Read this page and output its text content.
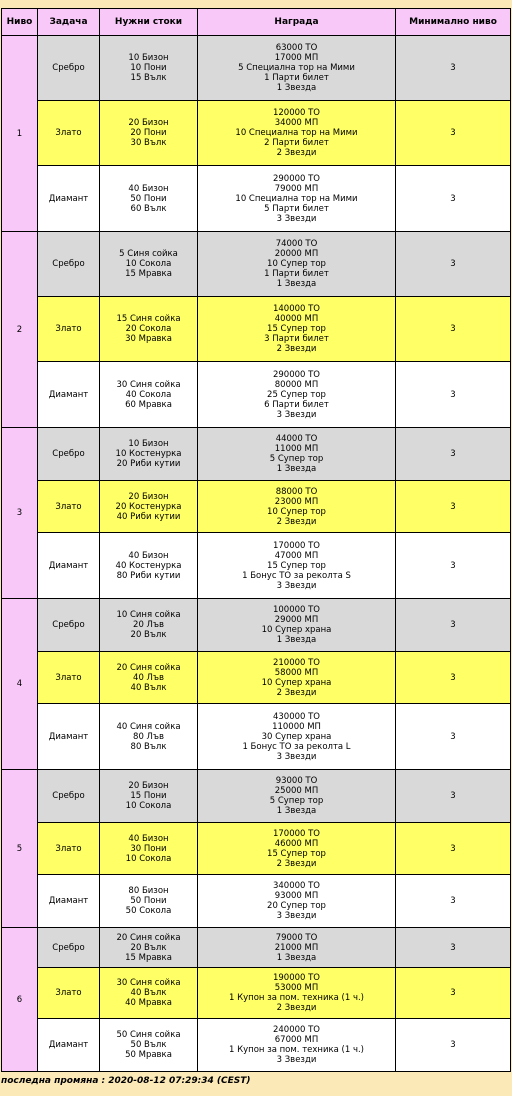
Ниво	Задача	Нужни стоки	Награда	Минимално ниво
1	Сребро	10 Бизон
10 Пони
15 Вълк	63000 ТО
17000 МП
5 Специална тор на Мими
1 Парти билет
1 Звезда	3
	Злато	20 Бизон
20 Пони
30 Вълк	120000 ТО
34000 МП
10 Специална тор на Мими
2 Парти билет
2 Звезди	3
	Диамант	40 Бизон
50 Пони
60 Вълк	290000 ТО
79000 МП
10 Специална тор на Мими
5 Парти билет
3 Звезди	3
2	Сребро	5 Синя сойка
10 Сокола
15 Мравка	74000 ТО
20000 МП
10 Супер тор
1 Парти билет
1 Звезда	3
	Злато	15 Синя сойка
20 Сокола
30 Мравка	140000 ТО
40000 МП
15 Супер тор
3 Парти билет
2 Звезди	3
	Диамант	30 Синя сойка
40 Сокола
60 Мравка	290000 ТО
80000 МП
25 Супер тор
6 Парти билет
3 Звезди	3
3	Сребро	10 Бизон
10 Костенурка
20 Риби кутии	44000 ТО
11000 МП
5 Супер тор
1 Звезда	3
	Злато	20 Бизон
20 Костенурка
40 Риби кутии	88000 ТО
23000 МП
10 Супер тор
2 Звезди	3
	Диамант	40 Бизон
40 Костенурка
80 Риби кутии	170000 ТО
47000 МП
15 Супер тор
1 Бонус ТО за реколта S
3 Звезди	3
4	Сребро	10 Синя сойка
20 Лъв
20 Вълк	100000 ТО
29000 МП
10 Супер храна
1 Звезда	3
	Злато	20 Синя сойка
40 Лъв
40 Вълк	210000 ТО
58000 МП
10 Супер храна
2 Звезди	3
	Диамант	40 Синя сойка
80 Лъв
80 Вълк	430000 ТО
110000 МП
30 Супер храна
1 Бонус ТО за реколта L
3 Звезди	3
5	Сребро	20 Бизон
15 Пони
10 Сокола	93000 ТО
25000 МП
5 Супер тор
1 Звезда	3
	Злато	40 Бизон
30 Пони
10 Сокола	170000 ТО
46000 МП
15 Супер тор
2 Звезди	3
	Диамант	80 Бизон
50 Пони
50 Сокола	340000 ТО
93000 МП
20 Супер тор
3 Звезди	3
6	Сребро	20 Синя сойка
20 Вълк
15 Мравка	79000 ТО
21000 МП
1 Звезда	3
	Злато	30 Синя сойка
40 Вълк
40 Мравка	190000 ТО
53000 МП
1 Купон за пом. техника (1 ч.)
2 Звезди	3
	Диамант	50 Синя сойка
50 Вълк
50 Мравка	240000 ТО
67000 МП
1 Купон за пом. техника (1 ч.)
3 Звезди	3
последна промяна : 2020-08-12 07:29:34 (CEST)
